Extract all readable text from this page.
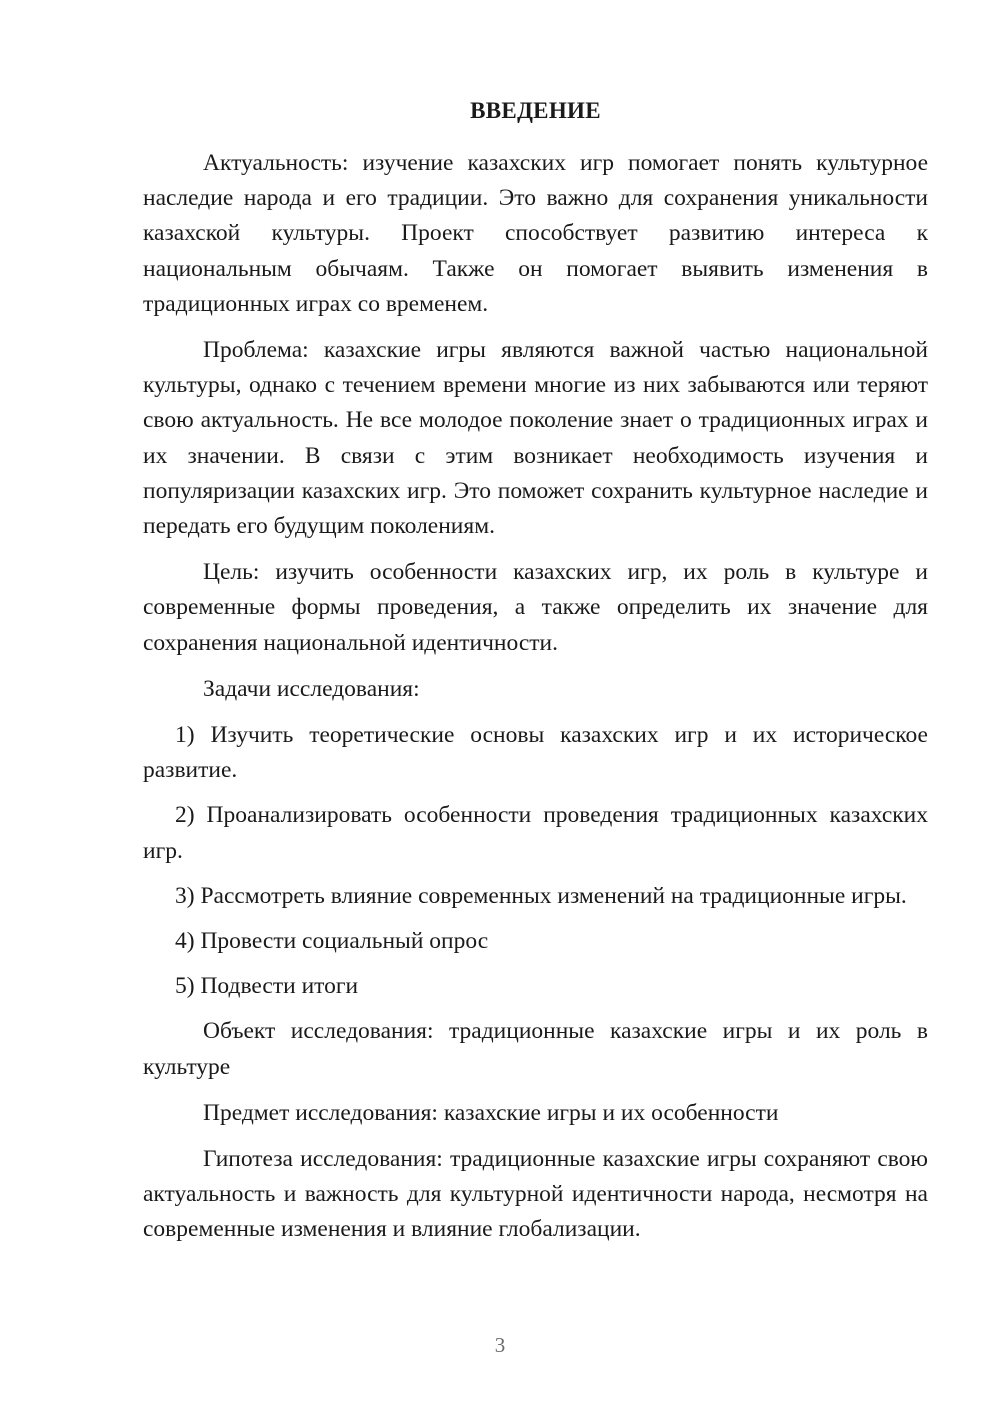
ВВЕДЕНИЕ

Актуальность: изучение казахских игр помогает понять культурное наследие народа и его традиции. Это важно для сохранения уникальности казахской культуры. Проект способствует развитию интереса к национальным обычаям. Также он помогает выявить изменения в традиционных играх со временем.

Проблема: казахские игры являются важной частью национальной культуры, однако с течением времени многие из них забываются или теряют свою актуальность. Не все молодое поколение знает о традиционных играх и их значении. В связи с этим возникает необходимость изучения и популяризации казахских игр. Это поможет сохранить культурное наследие и передать его будущим поколениям.

Цель: изучить особенности казахских игр, их роль в культуре и современные формы проведения, а также определить их значение для сохранения национальной идентичности.

Задачи исследования:

1) Изучить теоретические основы казахских игр и их историческое развитие.

2) Проанализировать особенности проведения традиционных казахских игр.

3) Рассмотреть влияние современных изменений на традиционные игры.

4) Провести социальный опрос

5) Подвести итоги

Объект исследования: традиционные казахские игры и их роль в культуре

Предмет исследования: казахские игры и их особенности

Гипотеза исследования: традиционные казахские игры сохраняют свою актуальность и важность для культурной идентичности народа, несмотря на современные изменения и влияние глобализации.

3
